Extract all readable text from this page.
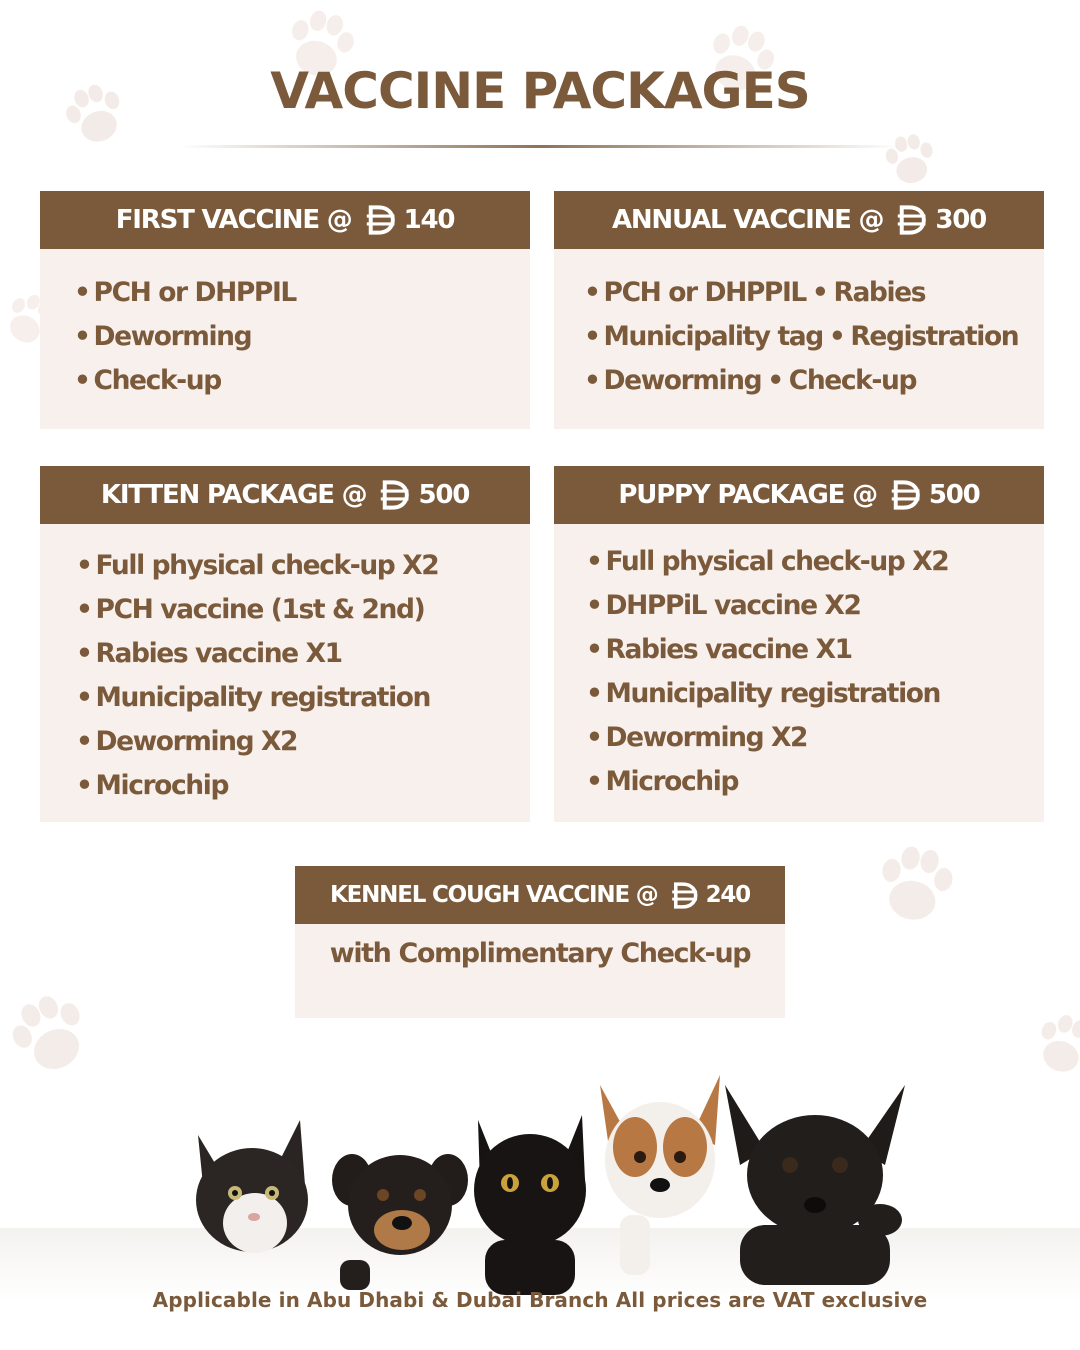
VACCINE PACKAGES
FIRST VACCINE @ 140
• PCH or DHPPIL
• Deworming
• Check-up
ANNUAL VACCINE @ 300
• PCH or DHPPIL • Rabies
• Municipality tag • Registration
• Deworming • Check-up
KITTEN PACKAGE @ 500
• Full physical check-up X2
• PCH vaccine (1st & 2nd)
• Rabies vaccine X1
• Municipality registration
• Deworming X2
• Microchip
PUPPY PACKAGE @ 500
• Full physical check-up X2
• DHPPiL vaccine X2
• Rabies vaccine X1
• Municipality registration
• Deworming X2
• Microchip
KENNEL COUGH VACCINE @ 240
with Complimentary Check-up
Applicable in Abu Dhabi & Dubai Branch All prices are VAT exclusive
